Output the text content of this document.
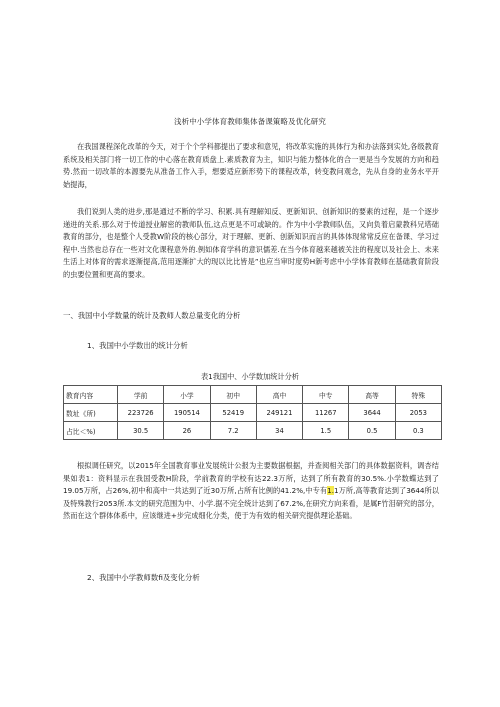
浅析中小学体育教师集体备课策略及优化研究

在我国课程深化改革的今天，对于个个学科都提出了要求和意见，将改革实施的具体行为和办法落到实处,各级教育系统及相关部门将一切工作的中心落在教育质盘上.素质教育为主，知识与能力整体化的合一更是当今发展的方向和趋势.然而一切改革的本源要先从准备工作入手，想要适应新形势下的课程改革，转变教问观念，先从自身的业务水平开始提海，

我们说到人类的进步,那是通过不断的学习、积累.具有理解知反、更新知识、创新知识的要素的过程，是一个逐步递进的关系.那么对于传道授业解密的教师队伍,这点更是不可或缺的。作为中小学教师队伍，又向负着启蒙教科兄塔础教育的部分，也是整个人受教W阶段的核心部分，对于理解、更新、创新知识而言的具体体现常常反应在备课、学习过程中.当然也总存在一些对文化课程意外的.例如体育学科的意识儒差.在当今体育越来越被关注的程度以及社会上、未来生活上对体育的需求逐渐提高,范用逐渐扩大的现以比比皆是”也应当审时度势H新考虑中小学体育教师在基础教育阶段的虫要位置和更高的要求。

一、我国中小学数量的统计及教师人数总量变化的分析

1、我国中小学数出的统计分析

表1我国中、小学数加统计分析
教育内容	学前	小学	初中	高中	中专	高等	特殊
数址《所)	223726	190514	52419	249121	11267	3644	2053
占比＜%)	30.5	26	7.2	34	1.5	0.5	0.3

根拟调任研究，以2015年全国教育事业发展统计公报为主要数据根据，并查阅相关部门的具体数据资料，调杏结果如表1：资料显示在我国受教H阶段，学前教育的学校有达22.3万所，达到了所有教育的30.5%.小学数蝶达到了19.05万所，占26%,初中和高中一共达到了近30万所,占所有比例的41.2%,中专有1.1万所,高等教育达到了3644所以及特殊教行2053所.本文的研究范围为中、小学.据不完全统计达到了67.2%,在研究方向来看，是属F竹泪研究的部分，然而在这个群体体系中，应该继进+步完成细化分类，使于为有效的相关研究提供理论基础。

2、我国中小学教师数fi及变化分析
